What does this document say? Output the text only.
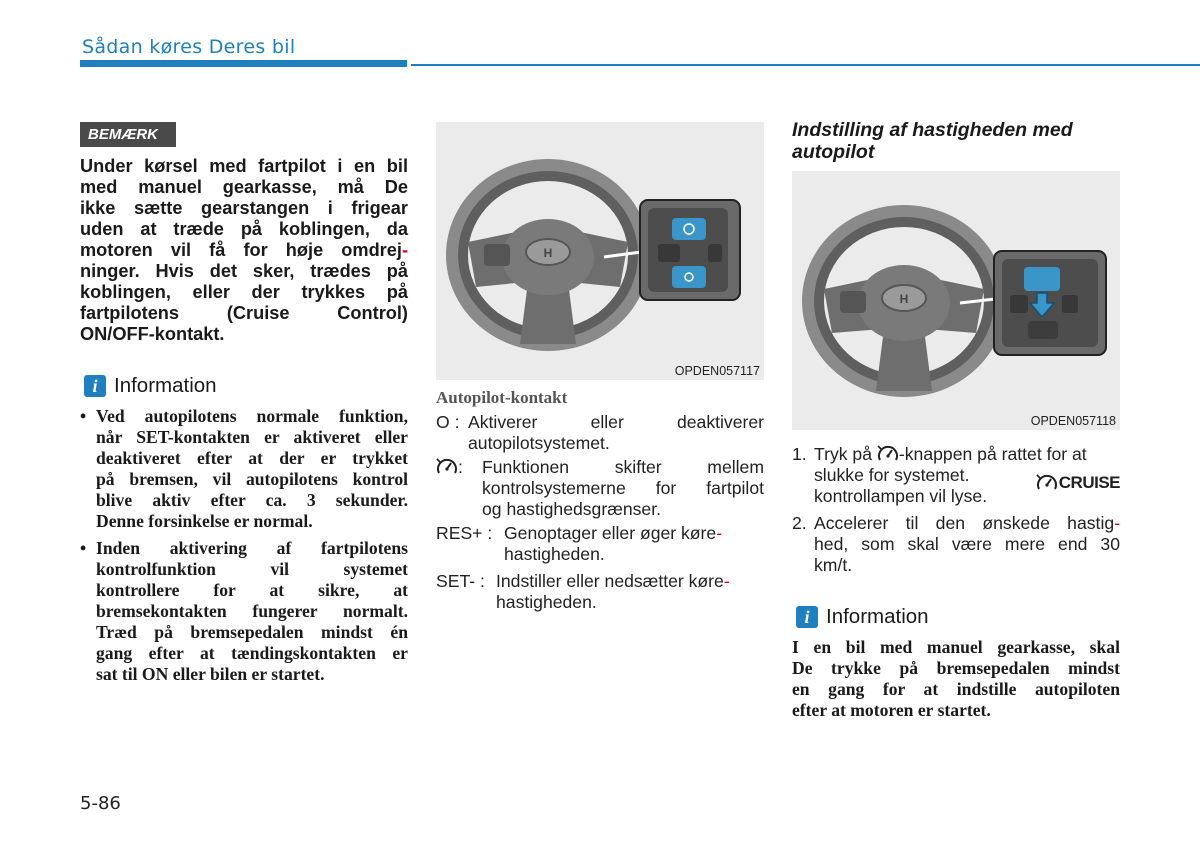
Sådan køres Deres bil
BEMÆRK
Under kørsel med fartpilot i en bil
med manuel gearkasse, må De
ikke sætte gearstangen i frigear
uden at træde på koblingen, da
motoren vil få for høje omdrej-
ninger. Hvis det sker, trædes på
koblingen, eller der trykkes på
fartpilotens (Cruise Control)
ON/OFF-kontakt.
i Information
• Ved autopilotens normale funktion,
når SET-kontakten er aktiveret eller
deaktiveret efter at der er trykket
på bremsen, vil autopilotens kontrol
blive aktiv efter ca. 3 sekunder.
Denne forsinkelse er normal.
• Inden aktivering af fartpilotens
kontrolfunktion vil systemet
kontrollere for at sikre, at
bremsekontakten fungerer normalt.
Træd på bremsepedalen mindst én
gang efter at tændingskontakten er
sat til ON eller bilen er startet.
H
OPDEN057117
Autopilot-kontakt
O : Aktiverer eller deaktiverer
autopilotsystemet.
: Funktionen skifter mellem
kontrolsystemerne for fartpilot
og hastighedsgrænser.
RES+ : Genoptager eller øger køre-
hastigheden.
SET- : Indstiller eller nedsætter køre-
hastigheden.
Indstilling af hastigheden med
autopilot
H
OPDEN057118
1. Tryk på -knappen på rattet for at
slukke for systemet.
kontrollampen vil lyse.
CRUISE
2. Accelerer til den ønskede hastig-
hed, som skal være mere end 30
km/t.
i Information
I en bil med manuel gearkasse, skal
De trykke på bremsepedalen mindst
en gang for at indstille autopiloten
efter at motoren er startet.
5-86
